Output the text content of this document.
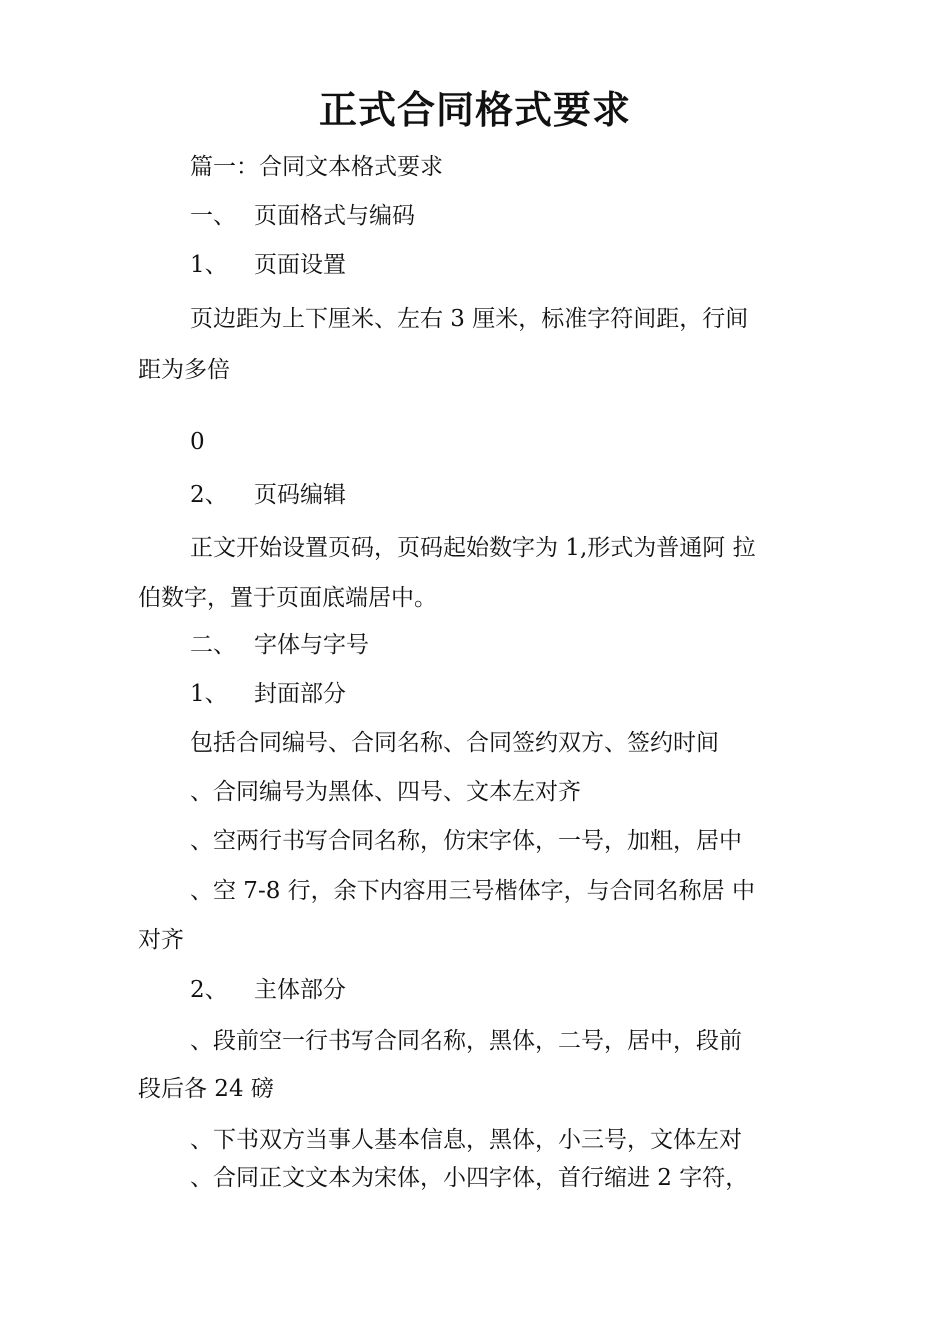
正式合同格式要求
篇一：合同文本格式要求
一、 页面格式与编码
1、 页面设置
页边距为上下厘米、左右 3 厘米，标准字符间距，行间
距为多倍
0
2、 页码编辑
正文开始设置页码，页码起始数字为 1,形式为普通阿 拉
伯数字，置于页面底端居中。
二、 字体与字号
1、 封面部分
包括合同编号、合同名称、合同签约双方、签约时间
、合同编号为黑体、四号、文本左对齐
、空两行书写合同名称，仿宋字体，一号，加粗，居中
、空 7-8 行，余下内容用三号楷体字，与合同名称居 中
对齐
2、 主体部分
、段前空一行书写合同名称，黑体，二号，居中，段前
段后各 24 磅
、下书双方当事人基本信息，黑体，小三号，文体左对
、合同正文文本为宋体，小四字体，首行缩进 2 字符，
